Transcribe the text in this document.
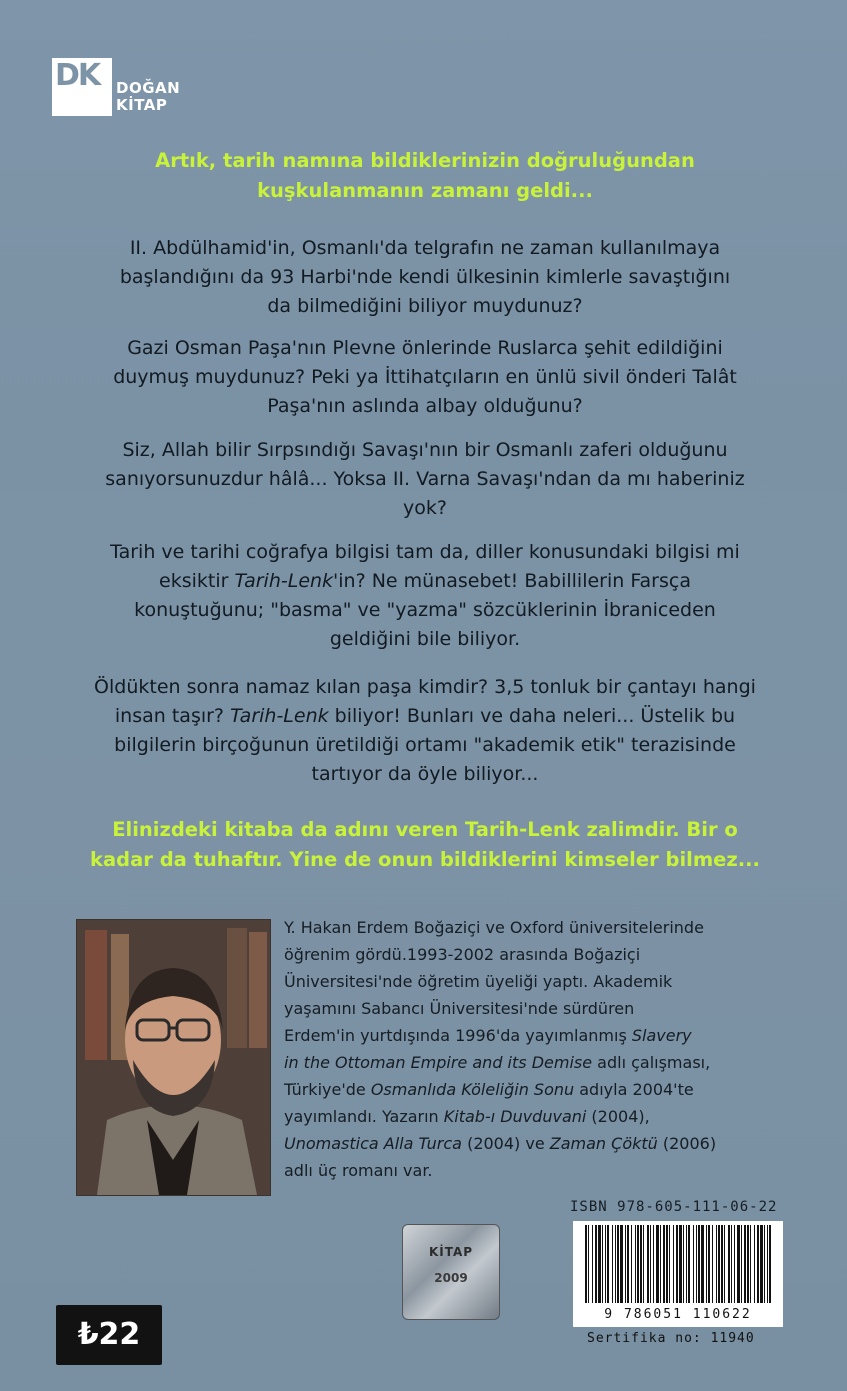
DK	DOĞAN
KİTAP
Artık, tarih namına bildiklerinizin doğruluğundan
kuşkulanmanın zamanı geldi...
II. Abdülhamid'in, Osmanlı'da telgrafın ne zaman kullanılmaya
başlandığını da 93 Harbi'nde kendi ülkesinin kimlerle savaştığını
da bilmediğini biliyor muydunuz?
Gazi Osman Paşa'nın Plevne önlerinde Ruslarca şehit edildiğini
duymuş muydunuz? Peki ya İttihatçıların en ünlü sivil önderi Talât
Paşa'nın aslında albay olduğunu?
Siz, Allah bilir Sırpsındığı Savaşı'nın bir Osmanlı zaferi olduğunu
sanıyorsunuzdur hâlâ... Yoksa II. Varna Savaşı'ndan da mı haberiniz
yok?
Tarih ve tarihi coğrafya bilgisi tam da, diller konusundaki bilgisi mi
eksiktir Tarih-Lenk'in? Ne münasebet! Babillilerin Farsça
konuştuğunu; "basma" ve "yazma" sözcüklerinin İbraniceden
geldiğini bile biliyor.
Öldükten sonra namaz kılan paşa kimdir? 3,5 tonluk bir çantayı hangi
insan taşır? Tarih-Lenk biliyor! Bunları ve daha neleri... Üstelik bu
bilgilerin birçoğunun üretildiği ortamı "akademik etik" terazisinde
tartıyor da öyle biliyor...
Elinizdeki kitaba da adını veren Tarih-Lenk zalimdir. Bir o
kadar da tuhaftır. Yine de onun bildiklerini kimseler bilmez...
Y. Hakan Erdem Boğaziçi ve Oxford üniversitelerinde
öğrenim gördü.1993-2002 arasında Boğaziçi
Üniversitesi'nde öğretim üyeliği yaptı. Akademik
yaşamını Sabancı Üniversitesi'nde sürdüren
Erdem'in yurtdışında 1996'da yayımlanmış Slavery
in the Ottoman Empire and its Demise adlı çalışması,
Türkiye'de Osmanlıda Köleliğin Sonu adıyla 2004'te
yayımlandı. Yazarın Kitab-ı Duvduvani (2004),
Unomastica Alla Turca (2004) ve Zaman Çöktü (2006)
adlı üç romanı var.
ISBN 978-605-111-06-22
9 786051 110622
Sertifika no: 11940
KİTAP
2009
₺22
